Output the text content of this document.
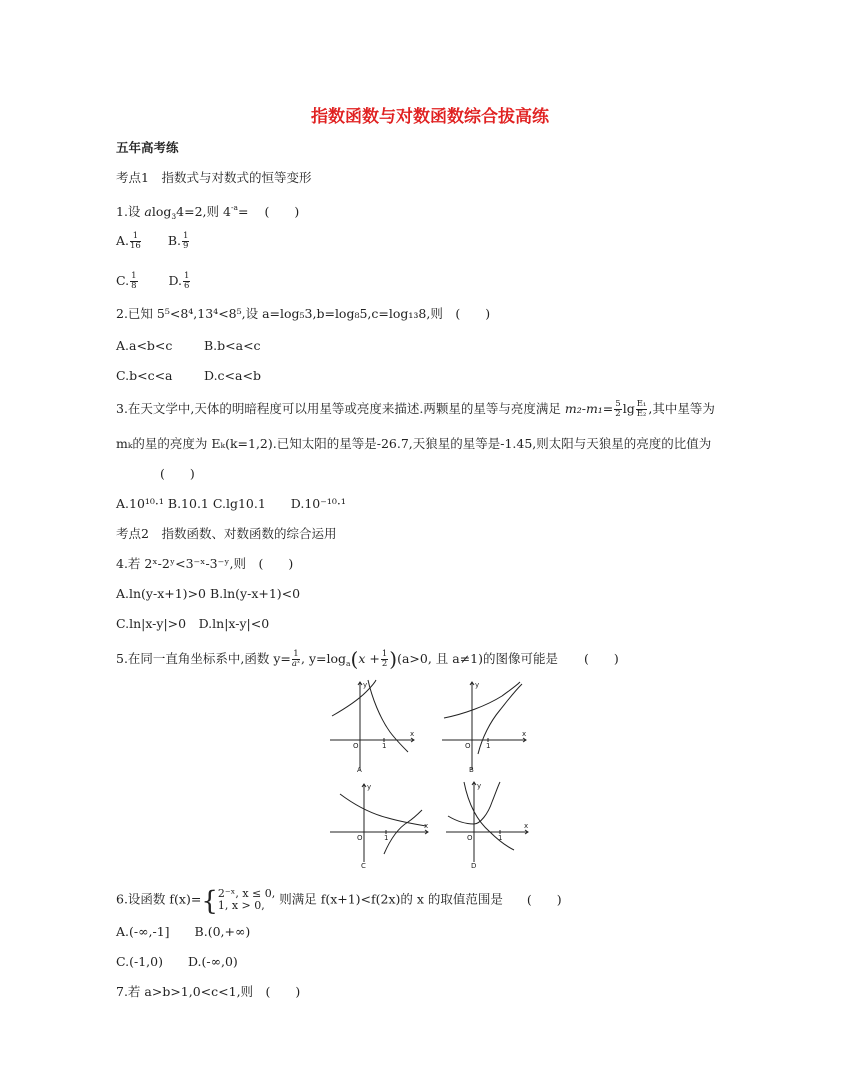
指数函数与对数函数综合拔高练
五年高考练
考点1　指数式与对数式的恒等变形
1.设 alog$_3$4=2,则 $4^{-a}=$ (　　)
A. $\frac{1}{16} B$. $\frac{1}{9}$
C. $\frac{1}{8} D$. $\frac{1}{6}$
2.已知 5⁵<8⁴,13⁴<8⁵,设 a=log₅3,b=log₈5,c=log₁₃8,则　(　　)
A.a<b<c	B.b<a<c
C.b<c<a	D.c<a<b
3.在天文学中,天体的明暗程度可以用星等或亮度来描述.两颗星的星等与亮度满足 $m_2-m_1= \frac{5}{2}$ $\lg \frac{\text{E₁}}{\text{E₂}}$ ,其中星等为
mₖ的星的亮度为 Eₖ(k=1,2).已知太阳的星等是-26.7,天狼星的星等是-1.45,则太阳与天狼星的亮度的比值为
(　　)
A.10¹⁰·¹ B.10.1 C.lg10.1　　D.10⁻¹⁰·¹
考点2　指数函数、对数函数的综合运用
4.若 2ˣ-2ʸ<3⁻ˣ-3⁻ʸ,则　(　　)
A.ln(y-x+1)>0 B.ln(y-x+1)<0
C.ln|x-y|>0　D.ln|x-y|<0
5.在同一直角坐标系中,函数 $y= \frac{1}{\text{aˣ}}$, $y=\log_a(x + \frac{1}{2} )(a>0$, 且 a≠1)的图像可能是 (　　)
y
x
O	1
A
y
x
O 1
B
y
x
O	1
C
y
x
O	1
D
6.设函数 f(x)={ 2⁻ˣ, x ≤ 0,
1, x > 0,	则满足 f(x+1)<f(2x)的 x 的取值范围是 (　　)
A.(-∞,-1]　　B.(0,+∞)
C.(-1,0)　　D.(-∞,0)
7.若 a>b>1,0<c<1,则　(　　)
